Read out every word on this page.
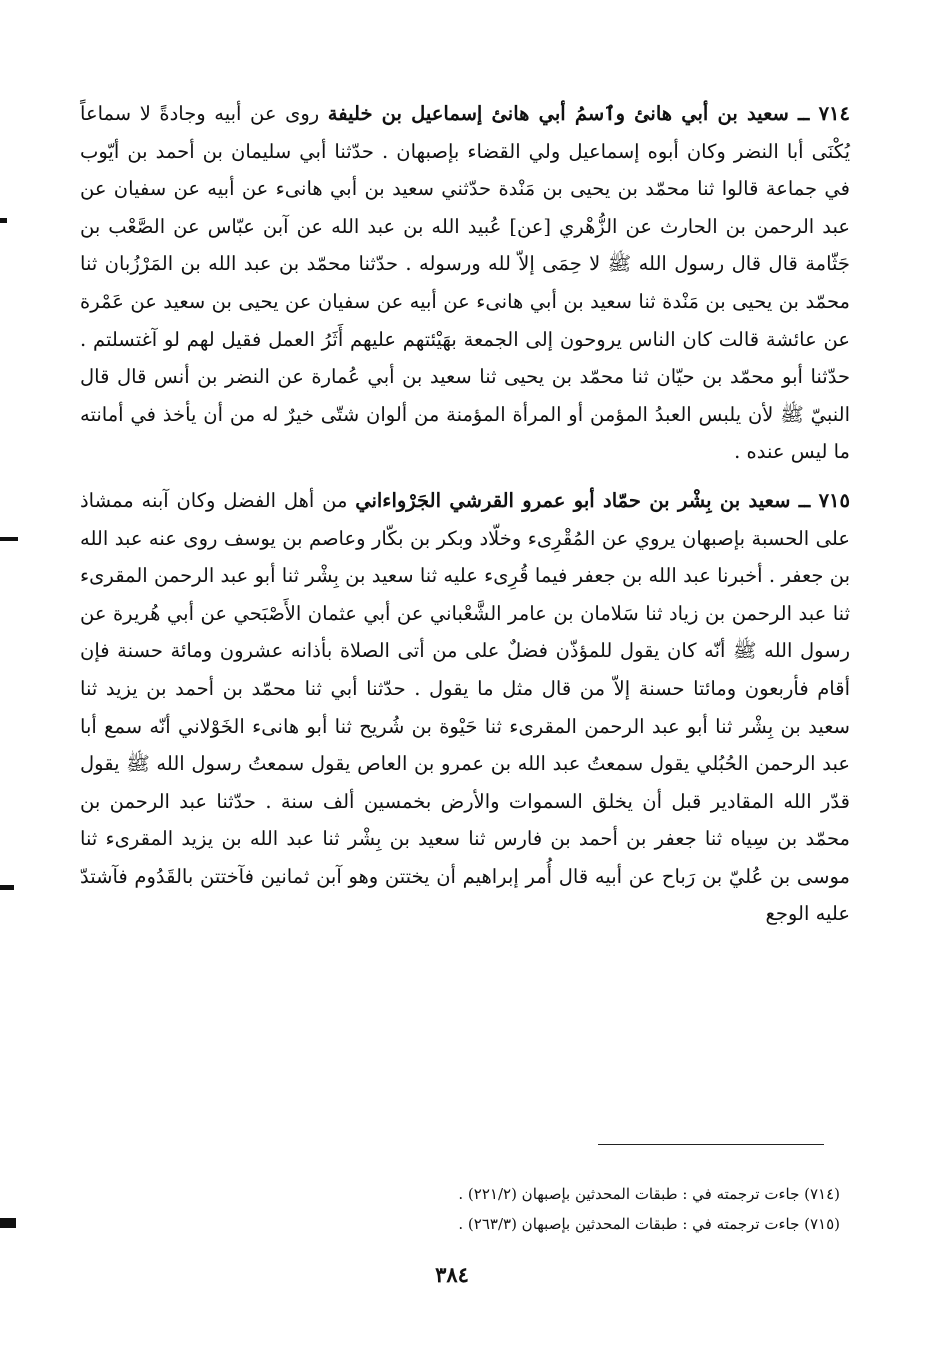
٧١٤ ــ سعيد بن أبي هانئ وٱسمُ أبي هانئ إسماعيل بن خليفة روى عن أبيه وجادةً لا سماعاً يُكْنَى أبا النضر وكان أبوه إسماعيل ولي القضاء بإصبهان . حدّثنا أبي سليمان بن أحمد بن أيّوب في جماعة قالوا ثنا محمّد بن يحيى بن مَنْدة حدّثني سعيد بن أبي هانىء عن أبيه عن سفيان عن عبد الرحمن بن الحارث عن الزُّهْري [عن] عُبيد الله بن عبد الله عن آبن عبّاس عن الصَّعْب بن جَثّامة قال قال رسول الله ﷺ لا حِمَى إلاّ لله ورسوله . حدّثنا محمّد بن عبد الله بن المَرْزُبان ثنا محمّد بن يحيى بن مَنْدة ثنا سعيد بن أبي هانىء عن أبيه عن سفيان عن يحيى بن سعيد عن عَمْرة عن عائشة قالت كان الناس يروحون إلى الجمعة بهَيْئتهم عليهم أَثَرُ العمل فقيل لهم لو آغتسلتم . حدّثنا أبو محمّد بن حيّان ثنا محمّد بن يحيى ثنا سعيد بن أبي عُمارة عن النضر بن أنس قال قال النبيّ ﷺ لأن يلبس العبدُ المؤمن أو المرأة المؤمنة من ألوان شتّى خيرٌ له من أن يأخذ في أمانته ما ليس عنده .

٧١٥ ــ سعيد بن بِشْر بن حمّاد أبو عمرو القرشي الجَرْواءاني من أهل الفضل وكان آبنه ممشاذ على الحسبة بإصبهان يروي عن المُقْرِىء وخلّاد وبكر بن بكّار وعاصم بن يوسف روى عنه عبد الله بن جعفر . أخبرنا عبد الله بن جعفر فيما قُرِىء عليه ثنا سعيد بن بِشْر ثنا أبو عبد الرحمن المقرىء ثنا عبد الرحمن بن زياد ثنا سَلامان بن عامر الشَّعْباني عن أبي عثمان الأَصْبَحي عن أبي هُريرة عن رسول الله ﷺ أنّه كان يقول للمؤذّن فضلٌ على من أتى الصلاة بأذانه عشرون ومائة حسنة فإن أقام فأربعون ومائتا حسنة إلاّ من قال مثل ما يقول . حدّثنا أبي ثنا محمّد بن أحمد بن يزيد ثنا سعيد بن بِشْر ثنا أبو عبد الرحمن المقرىء ثنا حَيْوة بن شُريح ثنا أبو هانىء الخَوْلاني أنّه سمع أبا عبد الرحمن الحُبُلي يقول سمعتُ عبد الله بن عمرو بن العاص يقول سمعتُ رسول الله ﷺ يقول قدّر الله المقادير قبل أن يخلق السموات والأرض بخمسين ألف سنة . حدّثنا عبد الرحمن بن محمّد بن سِياه ثنا جعفر بن أحمد بن فارس ثنا سعيد بن بِشْر ثنا عبد الله بن يزيد المقرىء ثنا موسى بن عُليّ بن رَباح عن أبيه قال أُمر إبراهيم أن يختتن وهو آبن ثمانين فآختتن بالقَدُوم فآشتدّ عليه الوجع

(٧١٤) جاءت ترجمته في : طبقات المحدثين بإصبهان (٢٢١/٢) .

(٧١٥) جاءت ترجمته في : طبقات المحدثين بإصبهان (٢٦٣/٣) .

٣٨٤
